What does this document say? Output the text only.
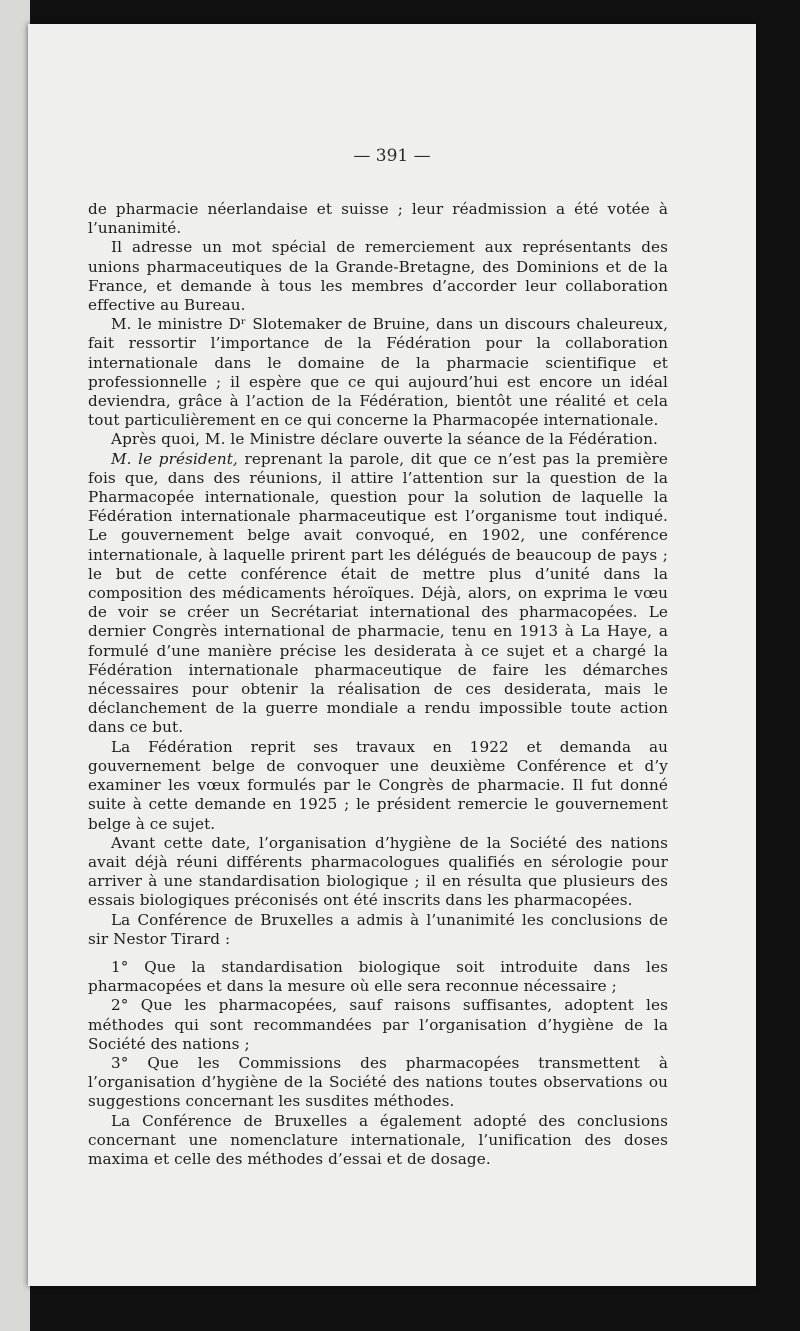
— 391 —

de pharmacie néerlandaise et suisse ; leur réadmission a été votée à l’unanimité.

Il adresse un mot spécial de remerciement aux représentants des unions pharmaceutiques de la Grande-Bretagne, des Dominions et de la France, et demande à tous les membres d’accorder leur collaboration effective au Bureau.

M. le ministre Dʳ Slotemaker de Bruine, dans un discours chaleureux, fait ressortir l’importance de la Fédération pour la collaboration internationale dans le domaine de la pharmacie scientifique et professionnelle ; il espère que ce qui aujourd’hui est encore un idéal deviendra, grâce à l’action de la Fédération, bientôt une réalité et cela tout particulièrement en ce qui concerne la Pharmacopée internationale.

Après quoi, M. le Ministre déclare ouverte la séance de la Fédération.

M. le président, reprenant la parole, dit que ce n’est pas la première fois que, dans des réunions, il attire l’attention sur la question de la Pharmacopée internationale, question pour la solution de laquelle la Fédération internationale pharmaceutique est l’organisme tout indiqué. Le gouvernement belge avait convoqué, en 1902, une conférence internationale, à laquelle prirent part les délégués de beaucoup de pays ; le but de cette conférence était de mettre plus d’unité dans la composition des médicaments héroïques. Déjà, alors, on exprima le vœu de voir se créer un Secrétariat international des pharmacopées. Le dernier Congrès international de pharmacie, tenu en 1913 à La Haye, a formulé d’une manière précise les desiderata à ce sujet et a chargé la Fédération internationale pharmaceutique de faire les démarches nécessaires pour obtenir la réalisation de ces desiderata, mais le déclanchement de la guerre mondiale a rendu impossible toute action dans ce but.

La Fédération reprit ses travaux en 1922 et demanda au gouvernement belge de convoquer une deuxième Conférence et d’y examiner les vœux formulés par le Congrès de pharmacie. Il fut donné suite à cette demande en 1925 ; le président remercie le gouvernement belge à ce sujet.

Avant cette date, l’organisation d’hygiène de la Société des nations avait déjà réuni différents pharmacologues qualifiés en sérologie pour arriver à une standardisation biologique ; il en résulta que plusieurs des essais biologiques préconisés ont été inscrits dans les pharmacopées.

La Conférence de Bruxelles a admis à l’unanimité les conclusions de sir Nestor Tirard :

1° Que la standardisation biologique soit introduite dans les pharmacopées et dans la mesure où elle sera reconnue nécessaire ;

2° Que les pharmacopées, sauf raisons suffisantes, adoptent les méthodes qui sont recommandées par l’organisation d’hygiène de la Société des nations ;

3° Que les Commissions des pharmacopées transmettent à l’organisation d’hygiène de la Société des nations toutes observations ou suggestions concernant les susdites méthodes.

La Conférence de Bruxelles a également adopté des conclusions concernant une nomenclature internationale, l’unification des doses maxima et celle des méthodes d’essai et de dosage.
